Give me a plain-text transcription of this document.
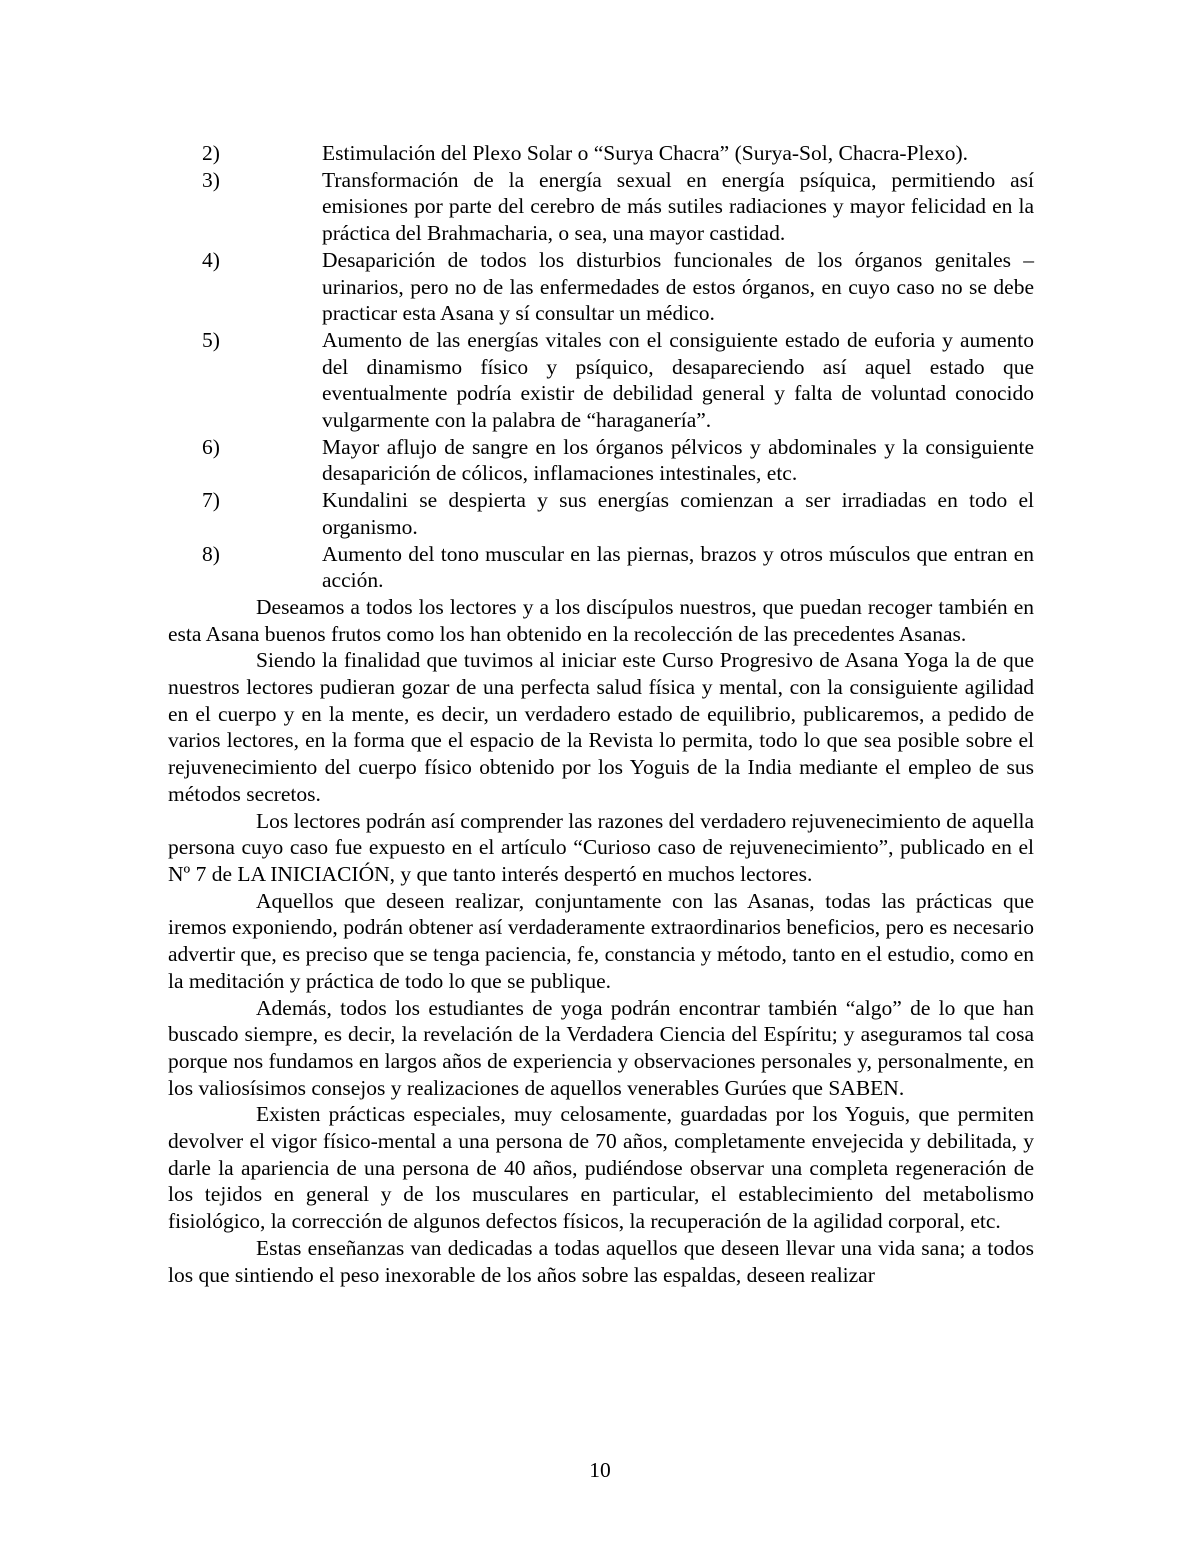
2)	Estimulación del Plexo Solar o “Surya Chacra” (Surya-Sol, Chacra-Plexo).
3)	Transformación de la energía sexual en energía psíquica, permitiendo así emisiones por parte del cerebro de más sutiles radiaciones y mayor felicidad en la práctica del Brahmacharia, o sea, una mayor castidad.
4)	Desaparición de todos los disturbios funcionales de los órganos genitales – urinarios, pero no de las enfermedades de estos órganos, en cuyo caso no se debe practicar esta Asana y sí consultar un médico.
5)	Aumento de las energías vitales con el consiguiente estado de euforia y aumento del dinamismo físico y psíquico, desapareciendo así aquel estado que eventualmente podría existir de debilidad general y falta de voluntad conocido vulgarmente con la palabra de “haraganería”.
6)	Mayor aflujo de sangre en los órganos pélvicos y abdominales y la consiguiente desaparición de cólicos, inflamaciones intestinales, etc.
7)	Kundalini se despierta y sus energías comienzan a ser irradiadas en todo el organismo.
8)	Aumento del tono muscular en las piernas, brazos y otros músculos que entran en acción.

Deseamos a todos los lectores y a los discípulos nuestros, que puedan recoger también en esta Asana buenos frutos como los han obtenido en la recolección de las precedentes Asanas.

Siendo la finalidad que tuvimos al iniciar este Curso Progresivo de Asana Yoga la de que nuestros lectores pudieran gozar de una perfecta salud física y mental, con la consiguiente agilidad en el cuerpo y en la mente, es decir, un verdadero estado de equilibrio, publicaremos, a pedido de varios lectores, en la forma que el espacio de la Revista lo permita, todo lo que sea posible sobre el rejuvenecimiento del cuerpo físico obtenido por los Yoguis de la India mediante el empleo de sus métodos secretos.

Los lectores podrán así comprender las razones del verdadero rejuvenecimiento de aquella persona cuyo caso fue expuesto en el artículo “Curioso caso de rejuvenecimiento”, publicado en el Nº 7 de LA INICIACIÓN, y que tanto interés despertó en muchos lectores.

Aquellos que deseen realizar, conjuntamente con las Asanas, todas las prácticas que iremos exponiendo, podrán obtener así verdaderamente extraordinarios beneficios, pero es necesario advertir que, es preciso que se tenga paciencia, fe, constancia y método, tanto en el estudio, como en la meditación y práctica de todo lo que se publique.

Además, todos los estudiantes de yoga podrán encontrar también “algo” de lo que han buscado siempre, es decir, la revelación de la Verdadera Ciencia del Espíritu; y aseguramos tal cosa porque nos fundamos en largos años de experiencia y observaciones personales y, personalmente, en los valiosísimos consejos y realizaciones de aquellos venerables Gurúes que SABEN.

Existen prácticas especiales, muy celosamente, guardadas por los Yoguis, que permiten devolver el vigor físico-mental a una persona de 70 años, completamente envejecida y debilitada, y darle la apariencia de una persona de 40 años, pudiéndose observar una completa regeneración de los tejidos en general y de los musculares en particular, el establecimiento del metabolismo fisiológico, la corrección de algunos defectos físicos, la recuperación de la agilidad corporal, etc.

Estas enseñanzas van dedicadas a todas aquellos que deseen llevar una vida sana; a todos los que sintiendo el peso inexorable de los años sobre las espaldas, deseen realizar

10
